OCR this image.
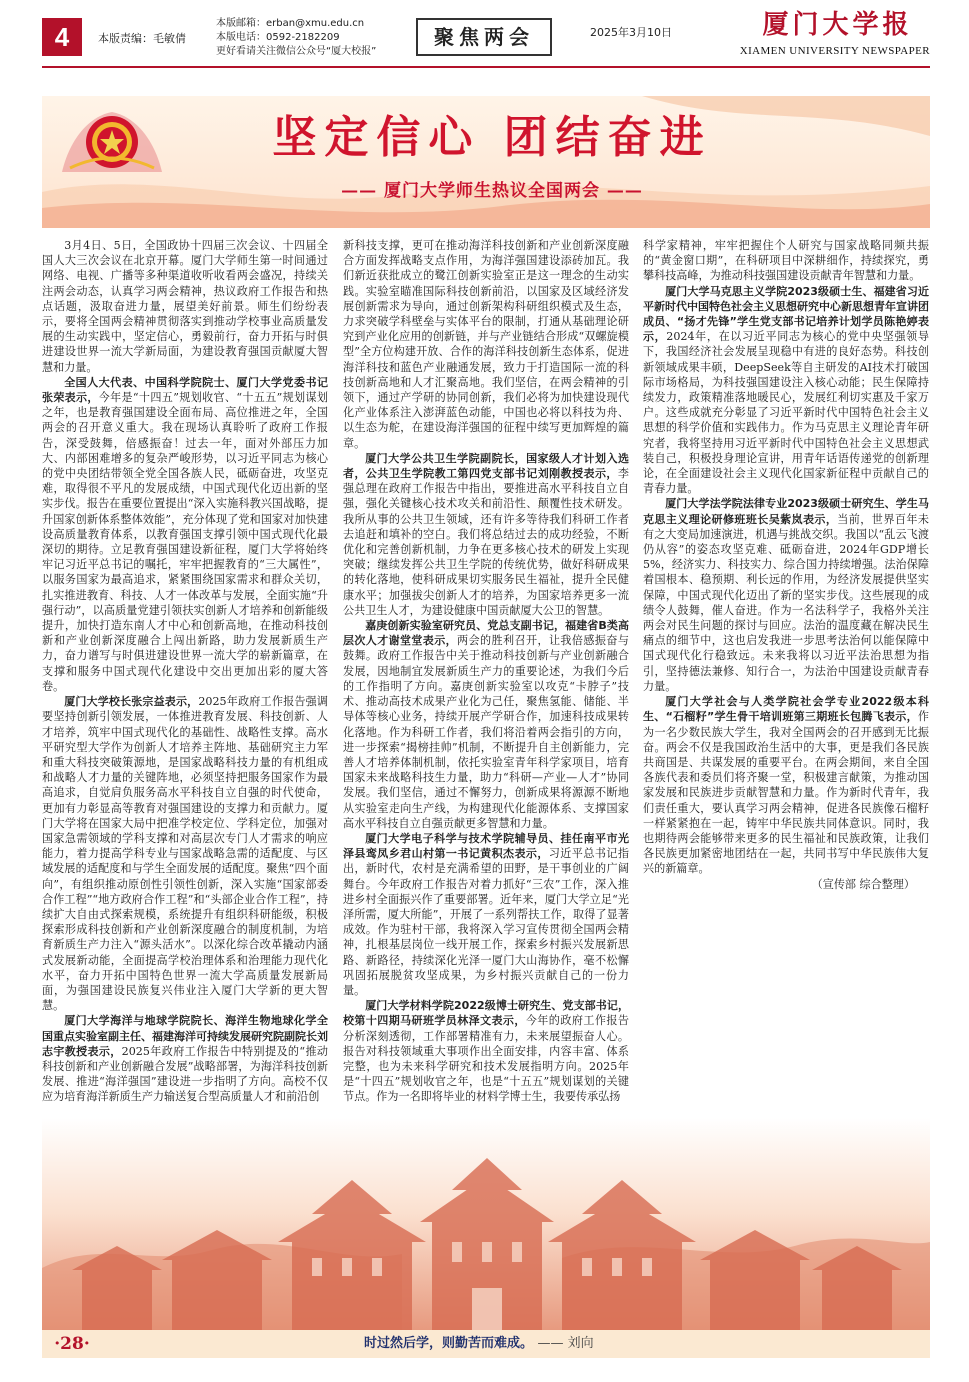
4	本版责编：毛敏倩
本版邮箱：erban@xmu.edu.cn
本版电话：0592-2182209
更好看请关注微信公众号“厦大校报”
聚焦两会	2025年3月10日	厦门大学报
XIAMEN UNIVERSITY NEWSPAPER
坚定信心 团结奋进
—— 厦门大学师生热议全国两会 ——

3月4日、5日，全国政协十四届三次会议、十四届全国人大三次会议在北京开幕。厦门大学师生第一时间通过网络、电视、广播等多种渠道收听收看两会盛况，持续关注两会动态，认真学习两会精神，热议政府工作报告和热点话题，汲取奋进力量，展望美好前景。师生们纷纷表示，要将全国两会精神贯彻落实到推动学校事业高质量发展的生动实践中，坚定信心，勇毅前行，奋力开拓与时俱进建设世界一流大学新局面，为建设教育强国贡献厦大智慧和力量。

全国人大代表、中国科学院院士、厦门大学党委书记张荣表示，今年是“十四五”规划收官、“十五五”规划谋划之年，也是教育强国建设全面布局、高位推进之年，全国两会的召开意义重大。我在现场认真聆听了政府工作报告，深受鼓舞，倍感振奋！过去一年，面对外部压力加大、内部困难增多的复杂严峻形势，以习近平同志为核心的党中央团结带领全党全国各族人民，砥砺奋进，攻坚克难，取得很不平凡的发展成绩，中国式现代化迈出新的坚实步伐。报告在重要位置提出“深入实施科教兴国战略，提升国家创新体系整体效能”，充分体现了党和国家对加快建设高质量教育体系，以教育强国支撑引领中国式现代化最深切的期待。立足教育强国建设新征程，厦门大学将始终牢记习近平总书记的嘱托，牢牢把握教育的“三大属性”，以服务国家为最高追求，紧紧围绕国家需求和群众关切，扎实推进教育、科技、人才一体改革与发展，全面实施“升强行动”，以高质量党建引领扶实创新人才培养和创新能级提升，加快打造东南人才中心和创新高地，在推动科技创新和产业创新深度融合上闯出新路，助力发展新质生产力，奋力谱写与时俱进建设世界一流大学的崭新篇章，在支撑和服务中国式现代化建设中交出更加出彩的厦大答卷。

厦门大学校长张宗益表示，2025年政府工作报告强调要坚持创新引领发展，一体推进教育发展、科技创新、人才培养，筑牢中国式现代化的基础性、战略性支撑。高水平研究型大学作为创新人才培养主阵地、基础研究主力军和重大科技突破策源地，是国家战略科技力量的有机组成和战略人才力量的关键阵地，必须坚持把服务国家作为最高追求，自觉肩负服务高水平科技自立自强的时代使命，更加有力彰显高等教育对强国建设的支撑力和贡献力。厦门大学将在国家大局中把准学校定位、学科定位，加强对国家急需领域的学科支撑和对高层次专门人才需求的响应能力，着力提高学科专业与国家战略急需的适配度、与区域发展的适配度和与学生全面发展的适配度。聚焦“四个面向”，有组织推动原创性引领性创新，深入实施“国家部委合作工程”“地方政府合作工程”和“头部企业合作工程”，持续扩大自由式探索规模，系统提升有组织科研能级，积极探索形成科技创新和产业创新深度融合的制度机制，为培育新质生产力注入“源头活水”。以深化综合改革撬动内涵式发展新动能，全面提高学校治理体系和治理能力现代化水平，奋力开拓中国特色世界一流大学高质量发展新局面，为强国建设民族复兴伟业注入厦门大学新的更大智慧。

厦门大学海洋与地球学院院长、海洋生物地球化学全国重点实验室副主任、福建海洋可持续发展研究院副院长刘志宇教授表示，2025年政府工作报告中特别提及的“推动科技创新和产业创新融合发展”战略部署，为海洋科技创新发展、推进“海洋强国”建设进一步指明了方向。高校不仅应为培育海洋新质生产力输送复合型高质量人才和前沿创

新科技支撑，更可在推动海洋科技创新和产业创新深度融合方面发挥战略支点作用，为海洋强国建设添砖加瓦。我们新近获批成立的鹭江创新实验室正是这一理念的生动实践。实验室瞄准国际科技创新前沿，以国家及区域经济发展创新需求为导向，通过创新架构科研组织模式及生态，力求突破学科壁垒与实体平台的限制，打通从基础理论研究到产业化应用的创新链，并与产业链结合形成“双螺旋模型”全方位构建开放、合作的海洋科技创新生态体系，促进海洋科技和蓝色产业融通发展，致力于打造国际一流的科技创新高地和人才汇聚高地。我们坚信，在两会精神的引领下，通过产学研的协同创新，我们必将为加快建设现代化产业体系注入澎湃蓝色动能，中国也必将以科技为舟、以生态为舵，在建设海洋强国的征程中续写更加辉煌的篇章。

厦门大学公共卫生学院副院长，国家级人才计划入选者，公共卫生学院教工第四党支部书记刘刚教授表示，李强总理在政府工作报告中指出，要推进高水平科技自立自强，强化关键核心技术攻关和前沿性、颠覆性技术研发。我所从事的公共卫生领域，还有许多等待我们科研工作者去追赶和填补的空白。我们将总结过去的成功经验，不断优化和完善创新机制，力争在更多核心技术的研发上实现突破；继续发挥公共卫生学院的传统优势，做好科研成果的转化落地，使科研成果切实服务民生福祉，提升全民健康水平；加强拔尖创新人才的培养，为国家培养更多一流公共卫生人才，为建设健康中国贡献厦大公卫的智慧。

嘉庚创新实验室研究员、党总支副书记，福建省B类高层次人才谢堂堂表示，两会的胜利召开，让我倍感振奋与鼓舞。政府工作报告中关于推动科技创新与产业创新融合发展，因地制宜发展新质生产力的重要论述，为我们今后的工作指明了方向。嘉庚创新实验室以攻克“卡脖子”技术、推动高技术成果产业化为己任，聚焦氢能、储能、半导体等核心业务，持续开展产学研合作，加速科技成果转化落地。作为科研工作者，我们将沿着两会指引的方向，进一步探索“揭榜挂帅”机制，不断提升自主创新能力，完善人才培养体制机制，依托实验室青年科学家项目，培育国家未来战略科技生力量，助力“科研—产业—人才”协同发展。我们坚信，通过不懈努力，创新成果将源源不断地从实验室走向生产线，为构建现代化能源体系、支撑国家高水平科技自立自强贡献更多智慧和力量。

厦门大学电子科学与技术学院辅导员、挂任南平市光泽县鸾凤乡君山村第一书记黄积杰表示，习近平总书记指出，新时代，农村是充满希望的田野，是干事创业的广阔舞台。今年政府工作报告对着力抓好“三农”工作，深入推进乡村全面振兴作了重要部署。近年来，厦门大学立足“光泽所需，厦大所能”，开展了一系列帮扶工作，取得了显著成效。作为驻村干部，我将深入学习宣传贯彻全国两会精神，扎根基层岗位一线开展工作，探索乡村振兴发展新思路、新路径，持续深化光泽一厦门大山海协作，毫不松懈巩固拓展脱贫攻坚成果，为乡村振兴贡献自己的一份力量。

厦门大学材料学院2022级博士研究生、党支部书记，校第十四期马研班学员林泽文表示，今年的政府工作报告分析深刻透彻，工作部署精准有力，未来展望振奋人心。报告对科技领域重大事项作出全面安排，内容丰富、体系完整，也为未来科学研究和技术发展指明方向。2025年是“十四五”规划收官之年，也是“十五五”规划谋划的关键节点。作为一名即将毕业的材料学博士生，我要传承弘扬

科学家精神，牢牢把握住个人研究与国家战略同频共振的“黄金窗口期”，在科研项目中深耕细作，持续探究，勇攀科技高峰，为推动科技强国建设贡献青年智慧和力量。

厦门大学马克思主义学院2023级硕士生、福建省习近平新时代中国特色社会主义思想研究中心新思想青年宣讲团成员、“扬才先锋”学生党支部书记培养计划学员陈艳婷表示，2024年，在以习近平同志为核心的党中央坚强领导下，我国经济社会发展呈现稳中有进的良好态势。科技创新领域成果丰硕，DeepSeek等自主研发的AI技术打破国际市场格局，为科技强国建设注入核心动能；民生保障持续发力，政策精准落地暖民心，发展红利切实惠及千家万户。这些成就充分彰显了习近平新时代中国特色社会主义思想的科学价值和实践伟力。作为马克思主义理论青年研究者，我将坚持用习近平新时代中国特色社会主义思想武装自己，积极投身理论宣讲，用青年话语传递党的创新理论，在全面建设社会主义现代化国家新征程中贡献自己的青春力量。

厦门大学法学院法律专业2023级硕士研究生、学生马克思主义理论研修班班长吴紫岚表示，当前，世界百年未有之大变局加速演进，机遇与挑战交织。我国以“乱云飞渡仍从容”的姿态攻坚克难、砥砺奋进，2024年GDP增长5%，经济实力、科技实力、综合国力持续增强。法治保障着国根本、稳预期、利长远的作用，为经济发展提供坚实保障，中国式现代化迈出了新的坚实步伐。这些展现的成绩令人鼓舞，催人奋进。作为一名法科学子，我格外关注两会对民生问题的探讨与回应。法治的温度藏在解决民生痛点的细节中，这也启发我进一步思考法治何以能保障中国式现代化行稳致远。未来我将以习近平法治思想为指引，坚持德法兼修、知行合一，为法治中国建设贡献青春力量。

厦门大学社会与人类学院社会学专业2022级本科生、“石榴籽”学生骨干培训班第三期班长包腾飞表示，作为一名少数民族大学生，我对全国两会的召开感到无比振奋。两会不仅是我国政治生活中的大事，更是我们各民族共商国是、共谋发展的重要平台。在两会期间，来自全国各族代表和委员们将齐聚一堂，积极建言献策，为推动国家发展和民族进步贡献智慧和力量。作为新时代青年，我们责任重大，要认真学习两会精神，促进各民族像石榴籽一样紧紧抱在一起，铸牢中华民族共同体意识。同时，我也期待两会能够带来更多的民生福祉和民族政策，让我们各民族更加紧密地团结在一起，共同书写中华民族伟大复兴的新篇章。

（宣传部 综合整理）

·28·	时过然后学，则勤苦而难成。 —— 刘向
